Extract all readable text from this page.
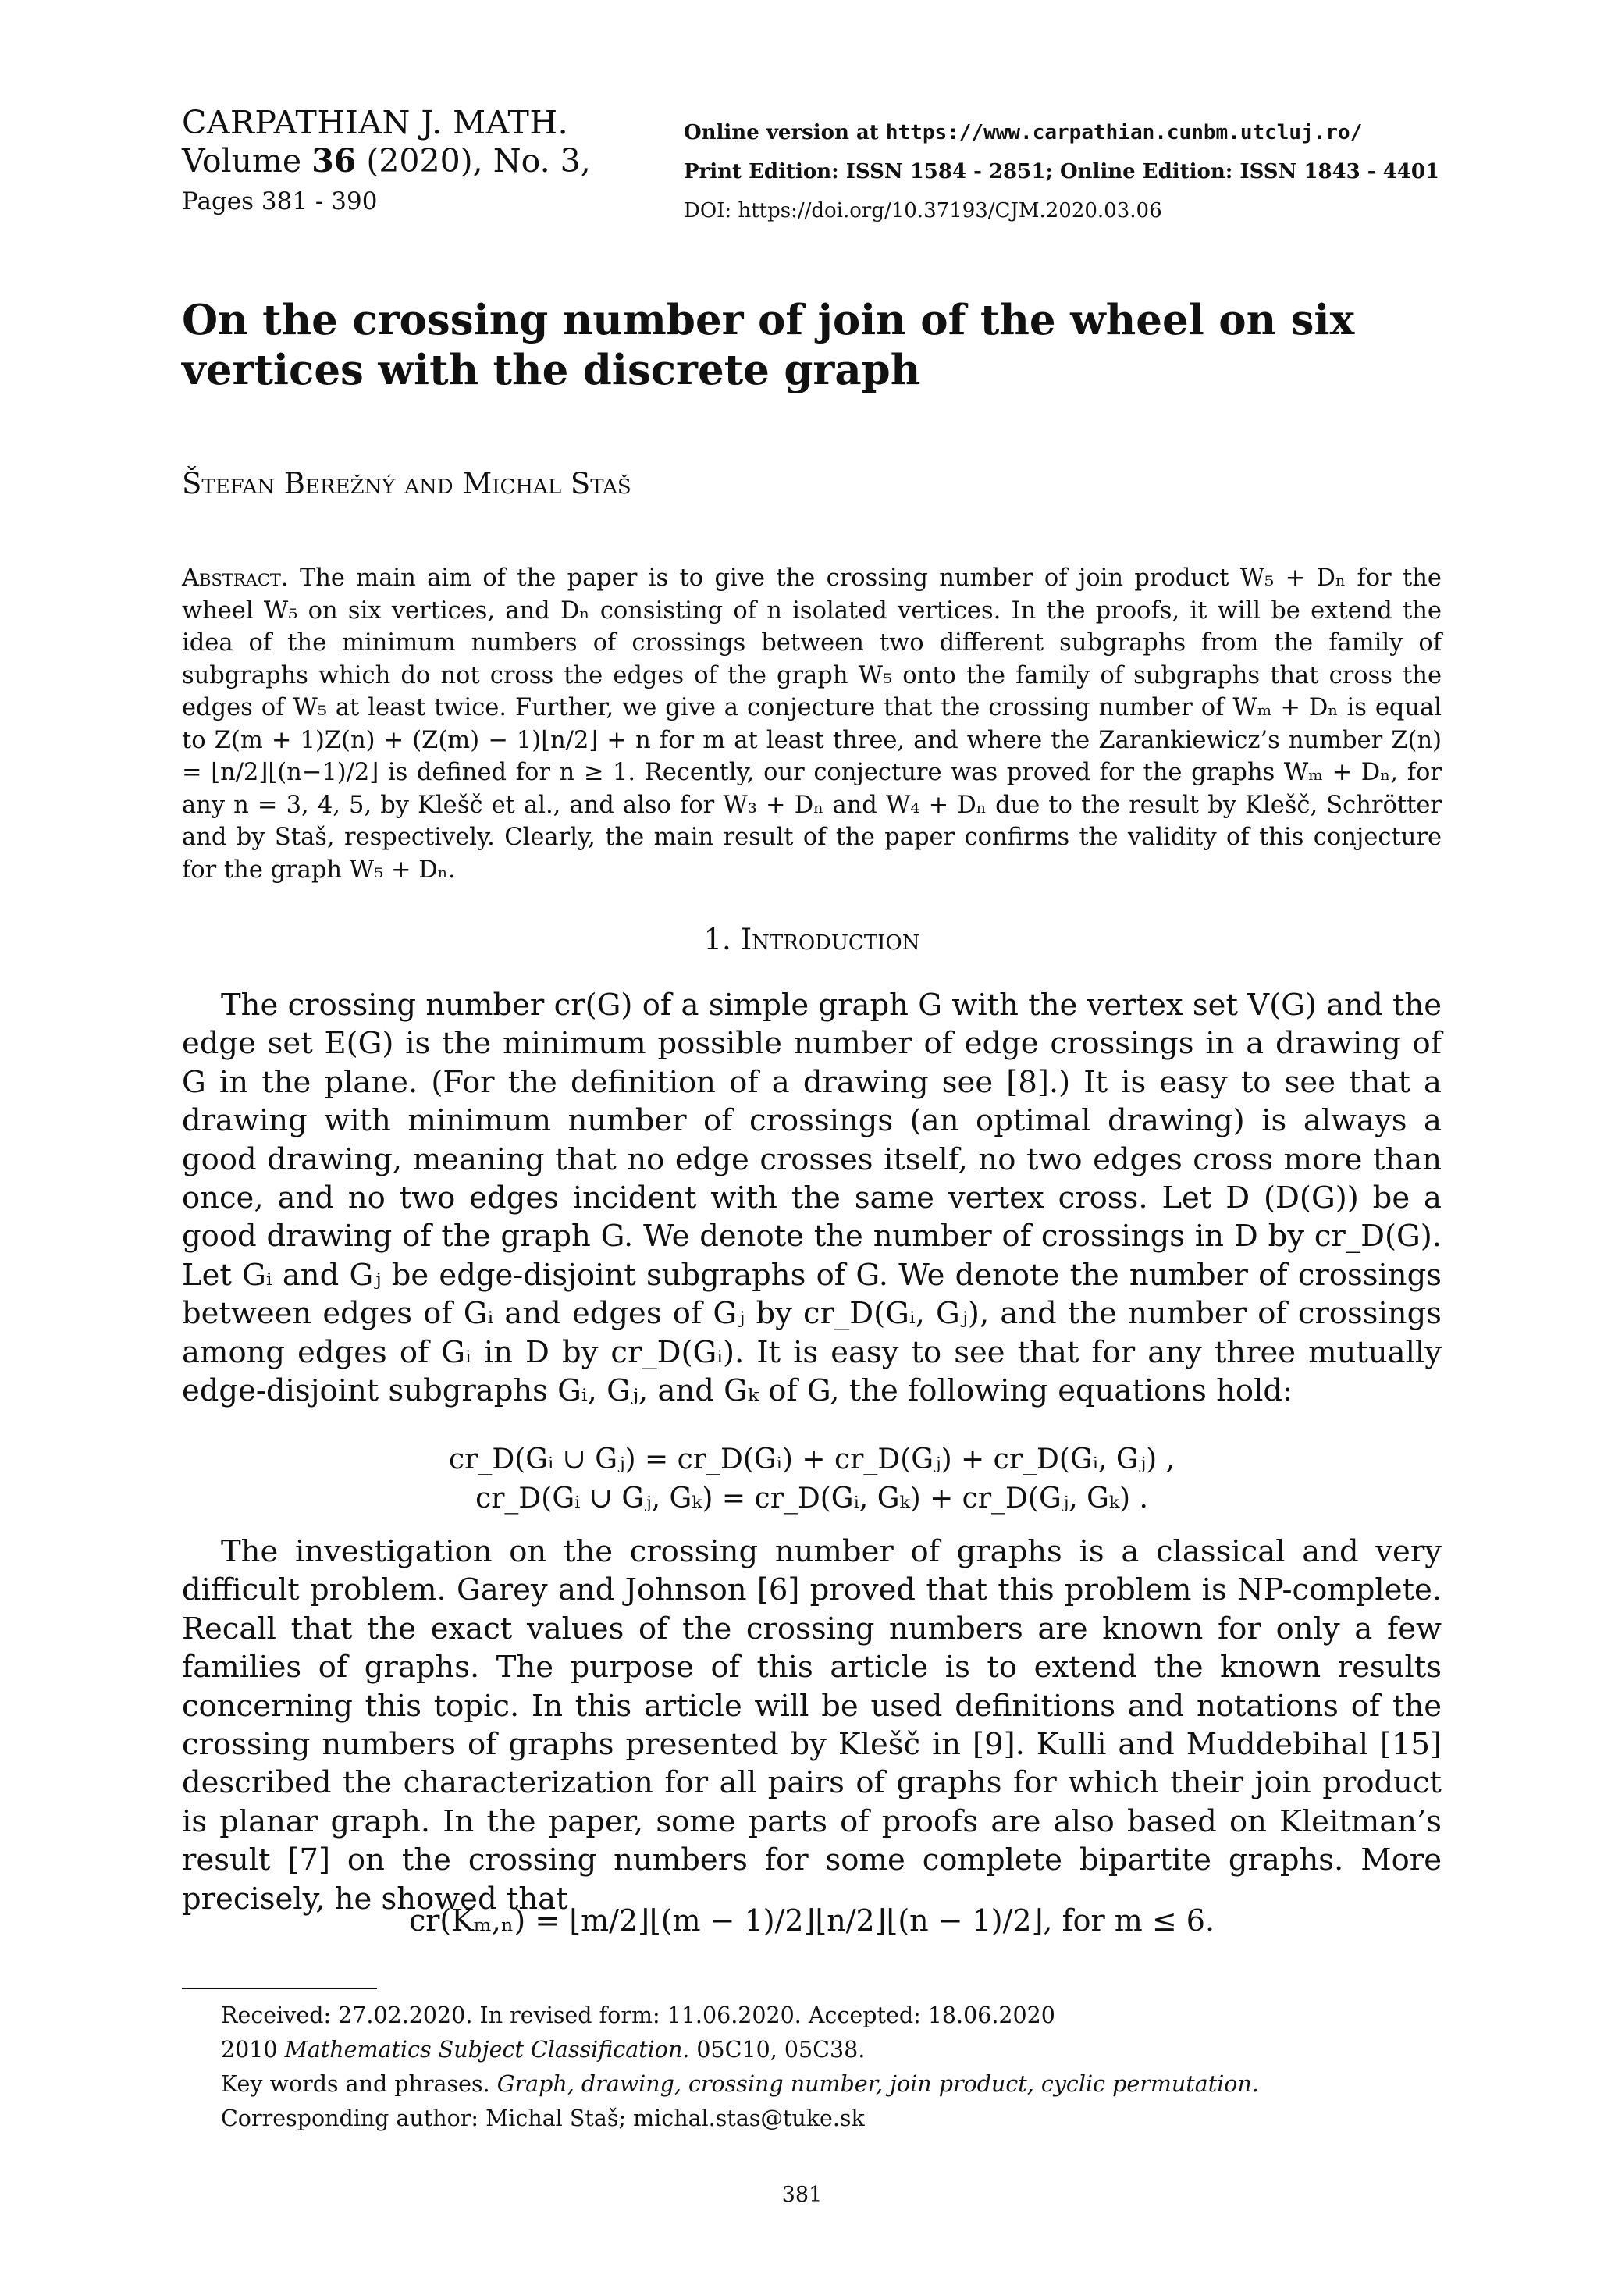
CARPATHIAN J. MATH.
Volume 36 (2020), No. 3,
Pages 381 - 390
Online version at https://www.carpathian.cunbm.utcluj.ro/
Print Edition: ISSN 1584 - 2851; Online Edition: ISSN 1843 - 4401
DOI: https://doi.org/10.37193/CJM.2020.03.06
On the crossing number of join of the wheel on six vertices with the discrete graph
Štefan Berežný and Michal Staš
Abstract. The main aim of the paper is to give the crossing number of join product W₅ + Dₙ for the wheel W₅ on six vertices, and Dₙ consisting of n isolated vertices. In the proofs, it will be extend the idea of the minimum numbers of crossings between two different subgraphs from the family of subgraphs which do not cross the edges of the graph W₅ onto the family of subgraphs that cross the edges of W₅ at least twice. Further, we give a conjecture that the crossing number of Wₘ + Dₙ is equal to Z(m + 1)Z(n) + (Z(m) − 1)⌊n/2⌋ + n for m at least three, and where the Zarankiewicz’s number Z(n) = ⌊n/2⌋⌊(n−1)/2⌋ is defined for n ≥ 1. Recently, our conjecture was proved for the graphs Wₘ + Dₙ, for any n = 3, 4, 5, by Klešč et al., and also for W₃ + Dₙ and W₄ + Dₙ due to the result by Klešč, Schrötter and by Staš, respectively. Clearly, the main result of the paper confirms the validity of this conjecture for the graph W₅ + Dₙ.
1. Introduction
The crossing number cr(G) of a simple graph G with the vertex set V(G) and the edge set E(G) is the minimum possible number of edge crossings in a drawing of G in the plane. (For the definition of a drawing see [8].) It is easy to see that a drawing with minimum number of crossings (an optimal drawing) is always a good drawing, meaning that no edge crosses itself, no two edges cross more than once, and no two edges incident with the same vertex cross. Let D (D(G)) be a good drawing of the graph G. We denote the number of crossings in D by cr_D(G). Let Gᵢ and Gⱼ be edge-disjoint subgraphs of G. We denote the number of crossings between edges of Gᵢ and edges of Gⱼ by cr_D(Gᵢ, Gⱼ), and the number of crossings among edges of Gᵢ in D by cr_D(Gᵢ). It is easy to see that for any three mutually edge-disjoint subgraphs Gᵢ, Gⱼ, and Gₖ of G, the following equations hold:
cr_D(Gᵢ ∪ Gⱼ) = cr_D(Gᵢ) + cr_D(Gⱼ) + cr_D(Gᵢ, Gⱼ) ,
cr_D(Gᵢ ∪ Gⱼ, Gₖ) = cr_D(Gᵢ, Gₖ) + cr_D(Gⱼ, Gₖ) .
The investigation on the crossing number of graphs is a classical and very difficult problem. Garey and Johnson [6] proved that this problem is NP-complete. Recall that the exact values of the crossing numbers are known for only a few families of graphs. The purpose of this article is to extend the known results concerning this topic. In this article will be used definitions and notations of the crossing numbers of graphs presented by Klešč in [9]. Kulli and Muddebihal [15] described the characterization for all pairs of graphs for which their join product is planar graph. In the paper, some parts of proofs are also based on Kleitman’s result [7] on the crossing numbers for some complete bipartite graphs. More precisely, he showed that
cr(Kₘ,ₙ) = ⌊m/2⌋⌊(m − 1)/2⌋⌊n/2⌋⌊(n − 1)/2⌋, for m ≤ 6.
Received: 27.02.2020. In revised form: 11.06.2020. Accepted: 18.06.2020
2010 Mathematics Subject Classification. 05C10, 05C38.
Key words and phrases. Graph, drawing, crossing number, join product, cyclic permutation.
Corresponding author: Michal Staš; michal.stas@tuke.sk
381
